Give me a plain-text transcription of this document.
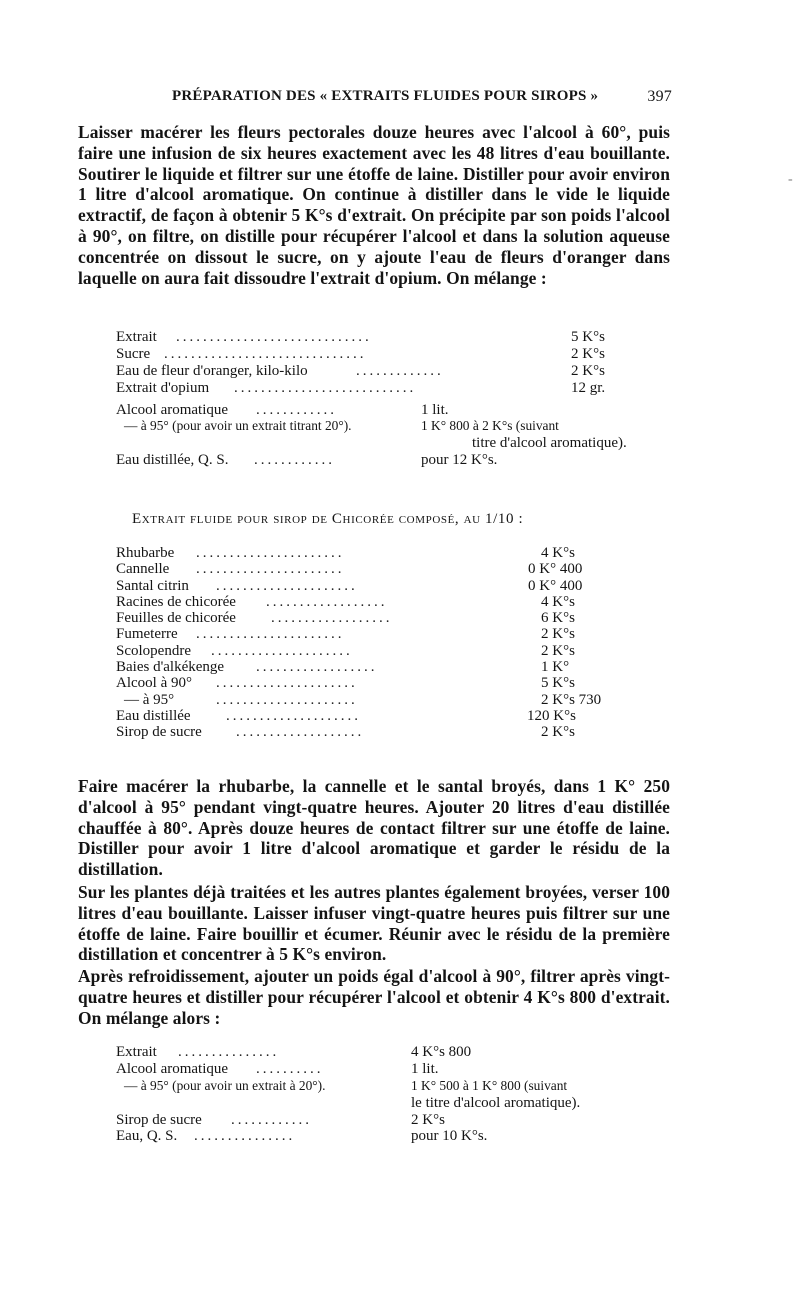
PRÉPARATION DES « EXTRAITS FLUIDES POUR SIROPS »	397

Laisser macérer les fleurs pectorales douze heures avec l'alcool à 60°, puis faire une infusion de six heures exactement avec les 48 litres d'eau bouillante. Soutirer le liquide et filtrer sur une étoffe de laine. Distiller pour avoir environ 1 litre d'alcool aromatique. On continue à distiller dans le vide le liquide extractif, de façon à obtenir 5 K°s d'extrait. On précipite par son poids l'alcool à 90°, on filtre, on distille pour récupérer l'alcool et dans la solution aqueuse concentrée on dissout le sucre, on y ajoute l'eau de fleurs d'oranger dans laquelle on aura fait dissoudre l'extrait d'opium. On mélange :

Extrait .............................	5 K°s
Sucre ..............................	2 K°s
Eau de fleur d'oranger, kilo-kilo	.............	2 K°s
Extrait d'opium ...........................	12 gr.
Alcool aromatique ............	1 lit.
— à 95° (pour avoir un extrait titrant 20°).	1 K° 800 à 2 K°s (suivant
titre d'alcool aromatique).
Eau distillée, Q. S. ............	pour 12 K°s.
Extrait fluide pour sirop de Chicorée composé, au 1/10 :
Rhubarbe ......................	4 K°s
Cannelle ......................	0 K° 400
Santal citrin .....................	0 K° 400
Racines de chicorée ..................	4 K°s
Feuilles de chicorée ..................	6 K°s
Fumeterre ......................	2 K°s
Scolopendre .....................	2 K°s
Baies d'alkékenge ..................	1 K°
Alcool à 90° .....................	5 K°s
— à 95°	.....................	2 K°s 730
Eau distillée ....................	120 K°s
Sirop de sucre ...................	2 K°s

Faire macérer la rhubarbe, la cannelle et le santal broyés, dans 1 K° 250 d'alcool à 95° pendant vingt-quatre heures. Ajouter 20 litres d'eau distillée chauffée à 80°. Après douze heures de contact filtrer sur une étoffe de laine. Distiller pour avoir 1 litre d'alcool aromatique et garder le résidu de la distillation.

Sur les plantes déjà traitées et les autres plantes également broyées, verser 100 litres d'eau bouillante. Laisser infuser vingt-quatre heures puis filtrer sur une étoffe de laine. Faire bouillir et écumer. Réunir avec le résidu de la première distillation et concentrer à 5 K°s environ.

Après refroidissement, ajouter un poids égal d'alcool à 90°, filtrer après vingt-quatre heures et distiller pour récupérer l'alcool et obtenir 4 K°s 800 d'extrait. On mélange alors :

Extrait ...............	4 K°s 800
Alcool aromatique ..........	1 lit.
— à 95° (pour avoir un extrait à 20°).	1 K° 500 à 1 K° 800 (suivant
le titre d'alcool aromatique).
Sirop de sucre ............	2 K°s
Eau, Q. S. ...............	pour 10 K°s.
-
